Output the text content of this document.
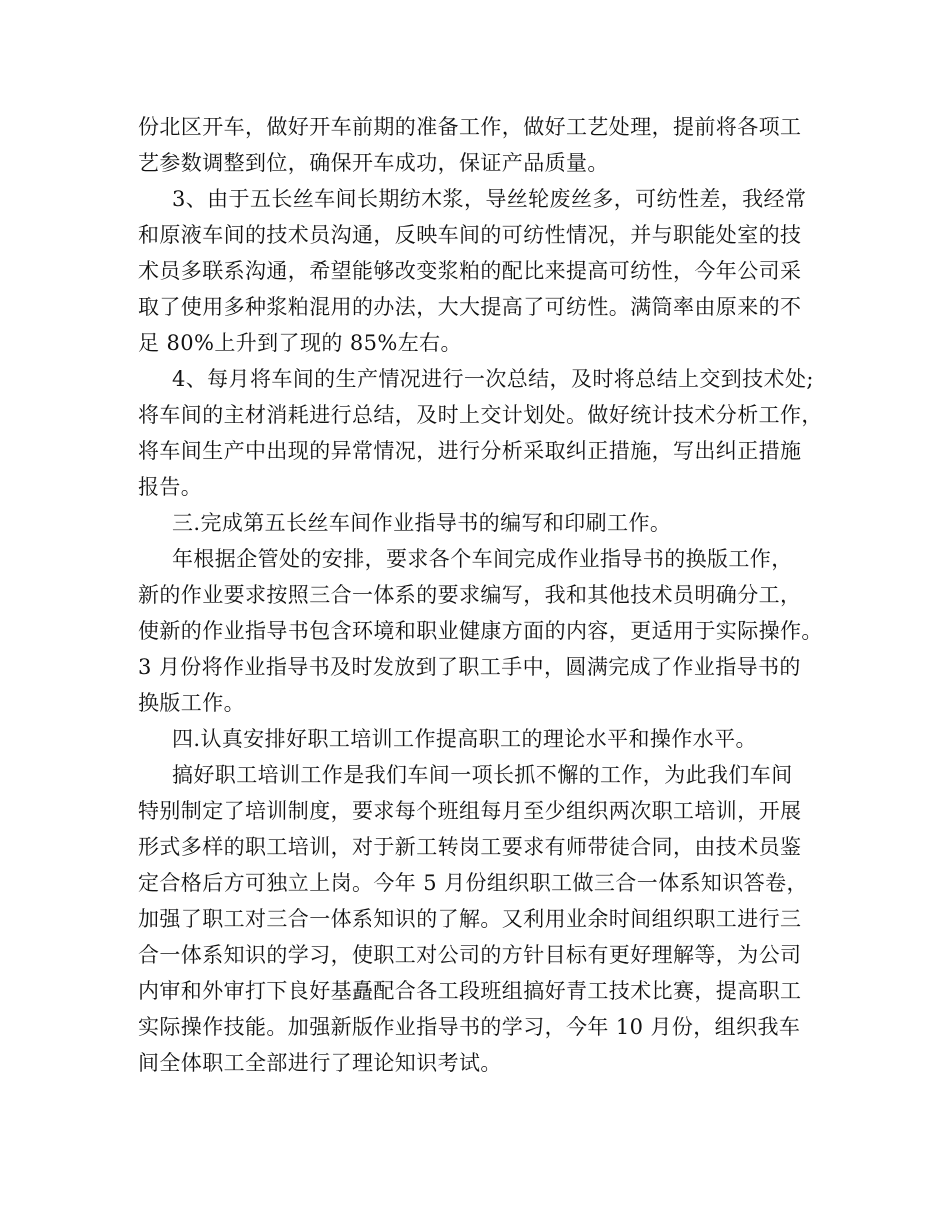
份北区开车，做好开车前期的准备工作，做好工艺处理，提前将各项工
艺参数调整到位，确保开车成功，保证产品质量。
3、由于五长丝车间长期纺木浆，导丝轮废丝多，可纺性差，我经常
和原液车间的技术员沟通，反映车间的可纺性情况，并与职能处室的技
术员多联系沟通，希望能够改变浆粕的配比来提高可纺性，今年公司采
取了使用多种浆粕混用的办法，大大提高了可纺性。满筒率由原来的不
足 80%上升到了现的 85%左右。
4、每月将车间的生产情况进行一次总结，及时将总结上交到技术处;
将车间的主材消耗进行总结，及时上交计划处。做好统计技术分析工作，
将车间生产中出现的异常情况，进行分析采取纠正措施，写出纠正措施
报告。
三.完成第五长丝车间作业指导书的编写和印刷工作。
年根据企管处的安排，要求各个车间完成作业指导书的换版工作，
新的作业要求按照三合一体系的要求编写，我和其他技术员明确分工，
使新的作业指导书包含环境和职业健康方面的内容，更适用于实际操作。
3 月份将作业指导书及时发放到了职工手中，圆满完成了作业指导书的
换版工作。
四.认真安排好职工培训工作提高职工的理论水平和操作水平。
搞好职工培训工作是我们车间一项长抓不懈的工作，为此我们车间
特别制定了培训制度，要求每个班组每月至少组织两次职工培训，开展
形式多样的职工培训，对于新工转岗工要求有师带徒合同，由技术员鉴
定合格后方可独立上岗。今年 5 月份组织职工做三合一体系知识答卷，
加强了职工对三合一体系知识的了解。又利用业余时间组织职工进行三
合一体系知识的学习，使职工对公司的方针目标有更好理解等，为公司
内审和外审打下良好基矗配合各工段班组搞好青工技术比赛，提高职工
实际操作技能。加强新版作业指导书的学习，今年 10 月份，组织我车
间全体职工全部进行了理论知识考试。
